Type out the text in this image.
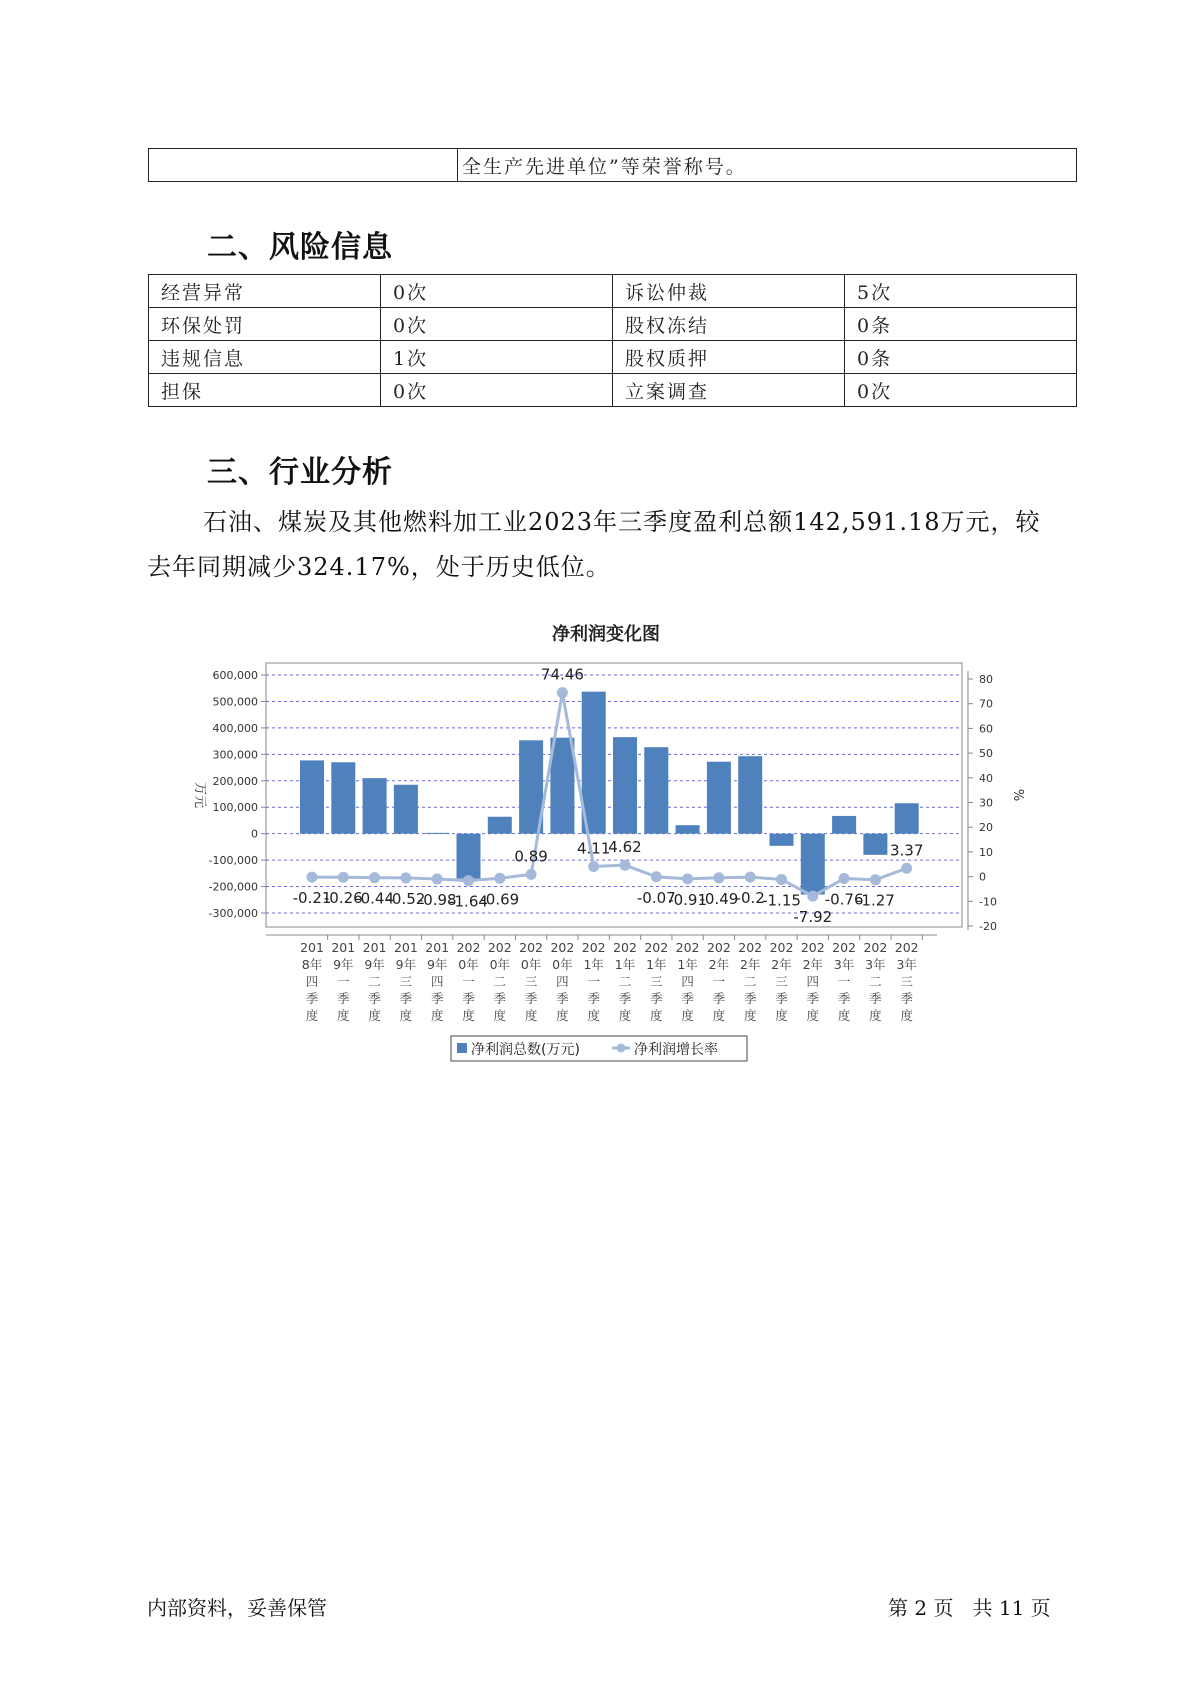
	全生产先进单位”等荣誉称号。
二、风险信息
经营异常	0次	诉讼仲裁	5次
环保处罚	0次	股权冻结	0条
违规信息	1次	股权质押	0条
担保	0次	立案调查	0次
三、行业分析

石油、煤炭及其他燃料加工业2023年三季度盈利总额142,591.18万元，较去年同期减少324.17%，处于历史低位。

净利润变化图
600,000
500,000
400,000
300,000
200,000
100,000
0
-100,000
-200,000
-300,000
80
70
60
50
40
30
20
10
0
-10
-20
万元	%
-0.21
-0.26
-0.44
-0.52
-0.98
-1.64
-0.69
0.89
74.46
4.11
4.62
-0.07
-0.91
-0.49
-0.2
-1.15
-7.92
-0.76
-1.27
3.37
201 8年四季度
201 9年一季度
201 9年二季度
201 9年三季度
201 9年四季度
202 0年一季度
202 0年二季度
202 0年三季度
202 0年四季度
202 1年一季度
202 1年二季度
202 1年三季度
202 1年四季度
202 2年一季度
202 2年二季度
202 2年三季度
202 2年四季度
202 3年一季度
202 3年二季度
202 3年三季度
净利润总数(万元)	净利润增长率
内部资料，妥善保管	第 2 页   共 11 页
